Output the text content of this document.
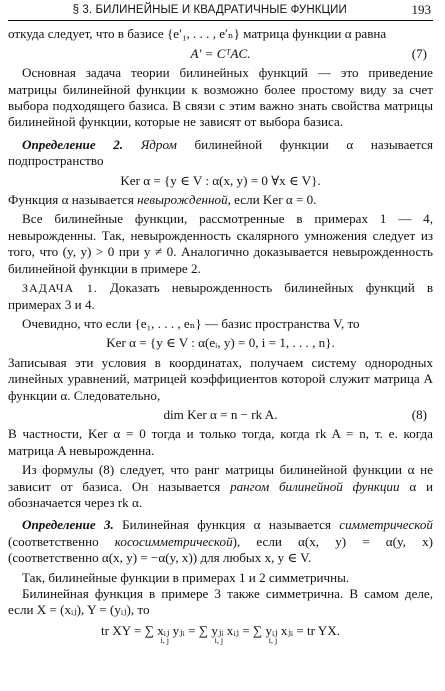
§ 3. БИЛИНЕЙНЫЕ И КВАДРАТИЧНЫЕ ФУНКЦИИ	193

откуда следует, что в базисе {e′₁, . . . , e′ₙ} матрица функции α равна

A′ = CᵀAC.	(7)

Основная задача теории билинейных функций — это приведение матрицы билинейной функции к возможно более простому виду за счет выбора подходящего базиса. В связи с этим важно знать свойства матрицы билинейной функции, которые не зависят от выбора базиса.

Определение 2. Ядром билинейной функции α называется подпространство

Ker α = {y ∈ V : α(x, y) = 0 ∀x ∈ V}.

Функция α называется невырожденной, если Ker α = 0.

Все билинейные функции, рассмотренные в примерах 1 — 4, невырожденны. Так, невырожденность скалярного умножения следует из того, что (y, y) > 0 при y ≠ 0. Аналогично доказывается невырожденность билинейной функции в примере 2.

ЗАДАЧА 1. Доказать невырожденность билинейных функций в примерах 3 и 4.

Очевидно, что если {e₁, . . . , eₙ} — базис пространства V, то

Ker α = {y ∈ V : α(eᵢ, y) = 0, i = 1, . . . , n}.

Записывая эти условия в координатах, получаем систему однородных линейных уравнений, матрицей коэффициентов которой служит матрица A функции α. Следовательно,

dim Ker α = n − rk A.	(8)

В частности, Ker α = 0 тогда и только тогда, когда rk A = n, т. е. когда матрица A невырожденна.

Из формулы (8) следует, что ранг матрицы билинейной функции α не зависит от базиса. Он называется рангом билинейной функции α и обозначается через rk α.

Определение 3. Билинейная функция α называется симметрической (соответственно кососимметрической), если α(x, y) = α(y, x) (соответственно α(x, y) = −α(y, x)) для любых x, y ∈ V.

Так, билинейные функции в примерах 1 и 2 симметричны.

Билинейная функция в примере 3 также симметрична. В самом деле, если X = (xᵢⱼ), Y = (yᵢⱼ), то

tr XY = ∑ xᵢⱼ yⱼᵢ
i, j
= ∑ yⱼᵢ xᵢⱼ
i, j
= ∑ yᵢⱼ xⱼᵢ
i, j
= tr YX.
